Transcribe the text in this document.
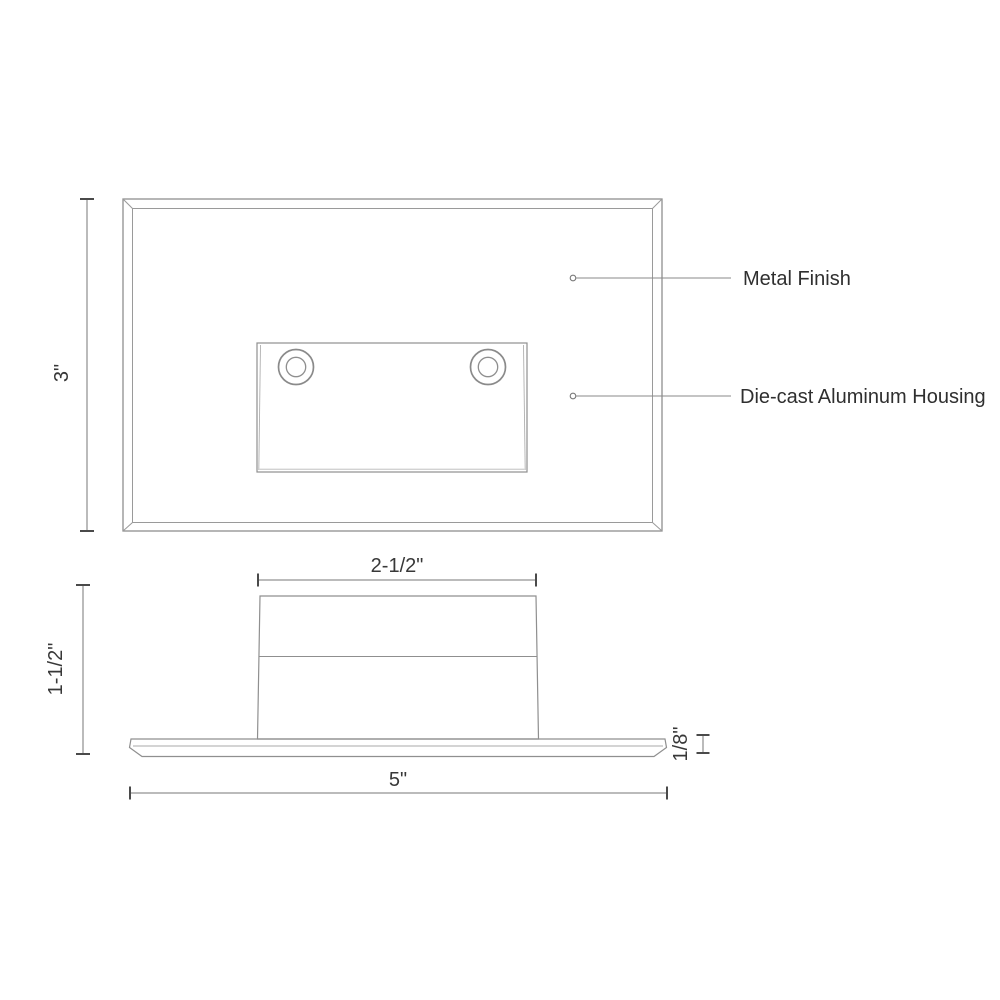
Metal Finish
Die-cast Aluminum Housing
3"
2-1/2"
1-1/2"
1/8"
5"
